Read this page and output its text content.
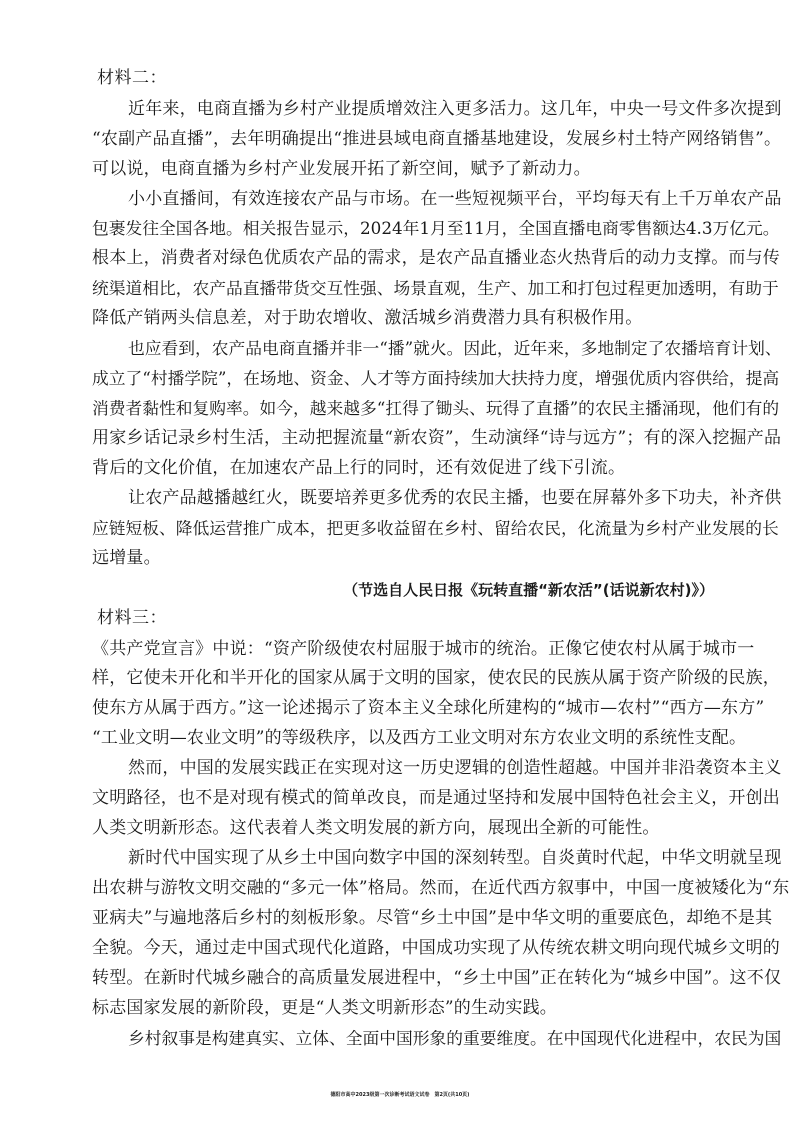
材料二：
近年来，电商直播为乡村产业提质增效注入更多活力。这几年，中央一号文件多次提到
“农副产品直播”，去年明确提出“推进县域电商直播基地建设，发展乡村土特产网络销售”。
可以说，电商直播为乡村产业发展开拓了新空间，赋予了新动力。
小小直播间，有效连接农产品与市场。在一些短视频平台，平均每天有上千万单农产品
包裹发往全国各地。相关报告显示，2024年1月至11月，全国直播电商零售额达4.3万亿元。
根本上，消费者对绿色优质农产品的需求，是农产品直播业态火热背后的动力支撑。而与传
统渠道相比，农产品直播带货交互性强、场景直观，生产、加工和打包过程更加透明，有助于
降低产销两头信息差，对于助农增收、激活城乡消费潜力具有积极作用。
也应看到，农产品电商直播并非一“播”就火。因此，近年来，多地制定了农播培育计划、
成立了“村播学院”，在场地、资金、人才等方面持续加大扶持力度，增强优质内容供给，提高
消费者黏性和复购率。如今，越来越多“扛得了锄头、玩得了直播”的农民主播涌现，他们有的
用家乡话记录乡村生活，主动把握流量“新农资”，生动演绎“诗与远方”；有的深入挖掘产品
背后的文化价值，在加速农产品上行的同时，还有效促进了线下引流。
让农产品越播越红火，既要培养更多优秀的农民主播，也要在屏幕外多下功夫，补齐供
应链短板、降低运营推广成本，把更多收益留在乡村、留给农民，化流量为乡村产业发展的长
远增量。
（节选自人民日报《玩转直播“新农活”(话说新农村)》）
材料三：
《共产党宣言》中说：“资产阶级使农村屈服于城市的统治。正像它使农村从属于城市一
样，它使未开化和半开化的国家从属于文明的国家，使农民的民族从属于资产阶级的民族，
使东方从属于西方。”这一论述揭示了资本主义全球化所建构的“城市—农村”“西方—东方”
“工业文明—农业文明”的等级秩序，以及西方工业文明对东方农业文明的系统性支配。
然而，中国的发展实践正在实现对这一历史逻辑的创造性超越。中国并非沿袭资本主义
文明路径，也不是对现有模式的简单改良，而是通过坚持和发展中国特色社会主义，开创出
人类文明新形态。这代表着人类文明发展的新方向，展现出全新的可能性。
新时代中国实现了从乡土中国向数字中国的深刻转型。自炎黄时代起，中华文明就呈现
出农耕与游牧文明交融的“多元一体”格局。然而，在近代西方叙事中，中国一度被矮化为“东
亚病夫”与遍地落后乡村的刻板形象。尽管“乡土中国”是中华文明的重要底色，却绝不是其
全貌。今天，通过走中国式现代化道路，中国成功实现了从传统农耕文明向现代城乡文明的
转型。在新时代城乡融合的高质量发展进程中，“乡土中国”正在转化为“城乡中国”。这不仅
标志国家发展的新阶段，更是“人类文明新形态”的生动实践。
乡村叙事是构建真实、立体、全面中国形象的重要维度。在中国现代化进程中，农民为国
德阳市高中2023级第一次诊断考试语文试卷　第2页(共10页)
